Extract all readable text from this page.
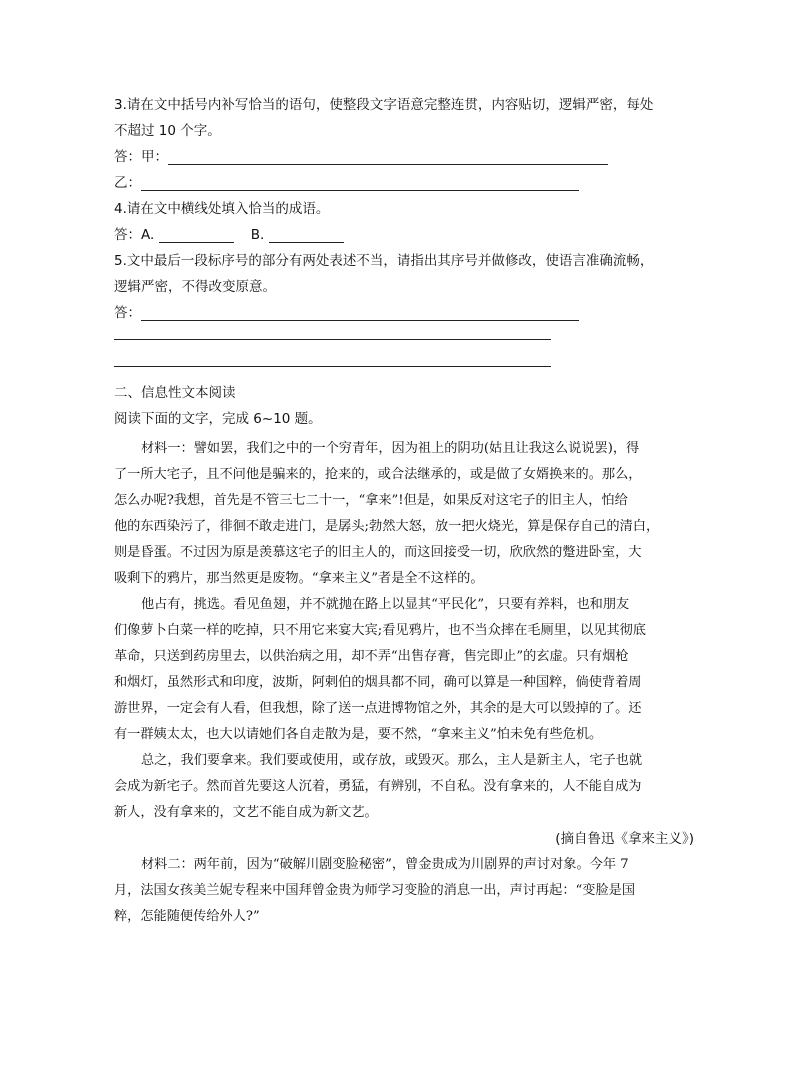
3.请在文中括号内补写恰当的语句，使整段文字语意完整连贯，内容贴切，逻辑严密，每处
不超过 10 个字。
答：甲：
乙：
4.请在文中横线处填入恰当的成语。
答：A.	B.
5.文中最后一段标序号的部分有两处表述不当，请指出其序号并做修改，使语言准确流畅，
逻辑严密，不得改变原意。
答：
二、信息性文本阅读
阅读下面的文字，完成 6~10 题。
材料一：譬如罢，我们之中的一个穷青年，因为祖上的阴功(姑且让我这么说说罢)，得
了一所大宅子，且不问他是骗来的，抢来的，或合法继承的，或是做了女婿换来的。那么，
怎么办呢?我想，首先是不管三七二十一，“拿来”!但是，如果反对这宅子的旧主人，怕给
他的东西染污了，徘徊不敢走进门，是孱头;勃然大怒，放一把火烧光，算是保存自己的清白，
则是昏蛋。不过因为原是羡慕这宅子的旧主人的，而这回接受一切，欣欣然的蹩进卧室，大
吸剩下的鸦片，那当然更是废物。“拿来主义”者是全不这样的。
他占有，挑选。看见鱼翅，并不就抛在路上以显其“平民化”，只要有养料，也和朋友
们像萝卜白菜一样的吃掉，只不用它来宴大宾;看见鸦片，也不当众摔在毛厕里，以见其彻底
革命，只送到药房里去，以供治病之用，却不弄“出售存膏，售完即止”的玄虚。只有烟枪
和烟灯，虽然形式和印度，波斯，阿剌伯的烟具都不同，确可以算是一种国粹，倘使背着周
游世界，一定会有人看，但我想，除了送一点进博物馆之外，其余的是大可以毁掉的了。还
有一群姨太太，也大以请她们各自走散为是，要不然，“拿来主义”怕未免有些危机。
总之，我们要拿来。我们要或使用，或存放，或毁灭。那么，主人是新主人，宅子也就
会成为新宅子。然而首先要这人沉着，勇猛，有辨别，不自私。没有拿来的，人不能自成为
新人，没有拿来的，文艺不能自成为新文艺。
(摘自鲁迅《拿来主义》)
材料二：两年前，因为“破解川剧变脸秘密”，曾金贵成为川剧界的声讨对象。今年 7
月，法国女孩美兰妮专程来中国拜曾金贵为师学习变脸的消息一出，声讨再起：“变脸是国
粹，怎能随便传给外人?”
